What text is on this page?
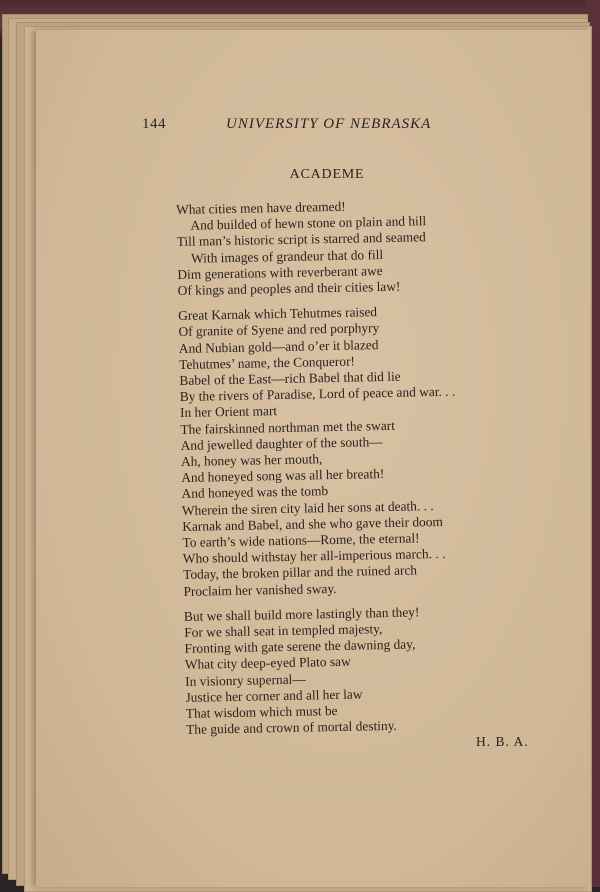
144	UNIVERSITY OF NEBRASKA
ACADEME
What cities men have dreamed!
And builded of hewn stone on plain and hill
Till man’s historic script is starred and seamed
With images of grandeur that do fill
Dim generations with reverberant awe
Of kings and peoples and their cities law!
Great Karnak which Tehutmes raised
Of granite of Syene and red porphyry
And Nubian gold—and o’er it blazed
Tehutmes’ name, the Conqueror!
Babel of the East—rich Babel that did lie
By the rivers of Paradise, Lord of peace and war. . .
In her Orient mart
The fairskinned northman met the swart
And jewelled daughter of the south—
Ah, honey was her mouth,
And honeyed song was all her breath!
And honeyed was the tomb
Wherein the siren city laid her sons at death. . .
Karnak and Babel, and she who gave their doom
To earth’s wide nations—Rome, the eternal!
Who should withstay her all-imperious march. . .
Today, the broken pillar and the ruined arch
Proclaim her vanished sway.
But we shall build more lastingly than they!
For we shall seat in templed majesty,
Fronting with gate serene the dawning day,
What city deep-eyed Plato saw
In visionry supernal—
Justice her corner and all her law
That wisdom which must be
The guide and crown of mortal destiny.
H. B. A.
